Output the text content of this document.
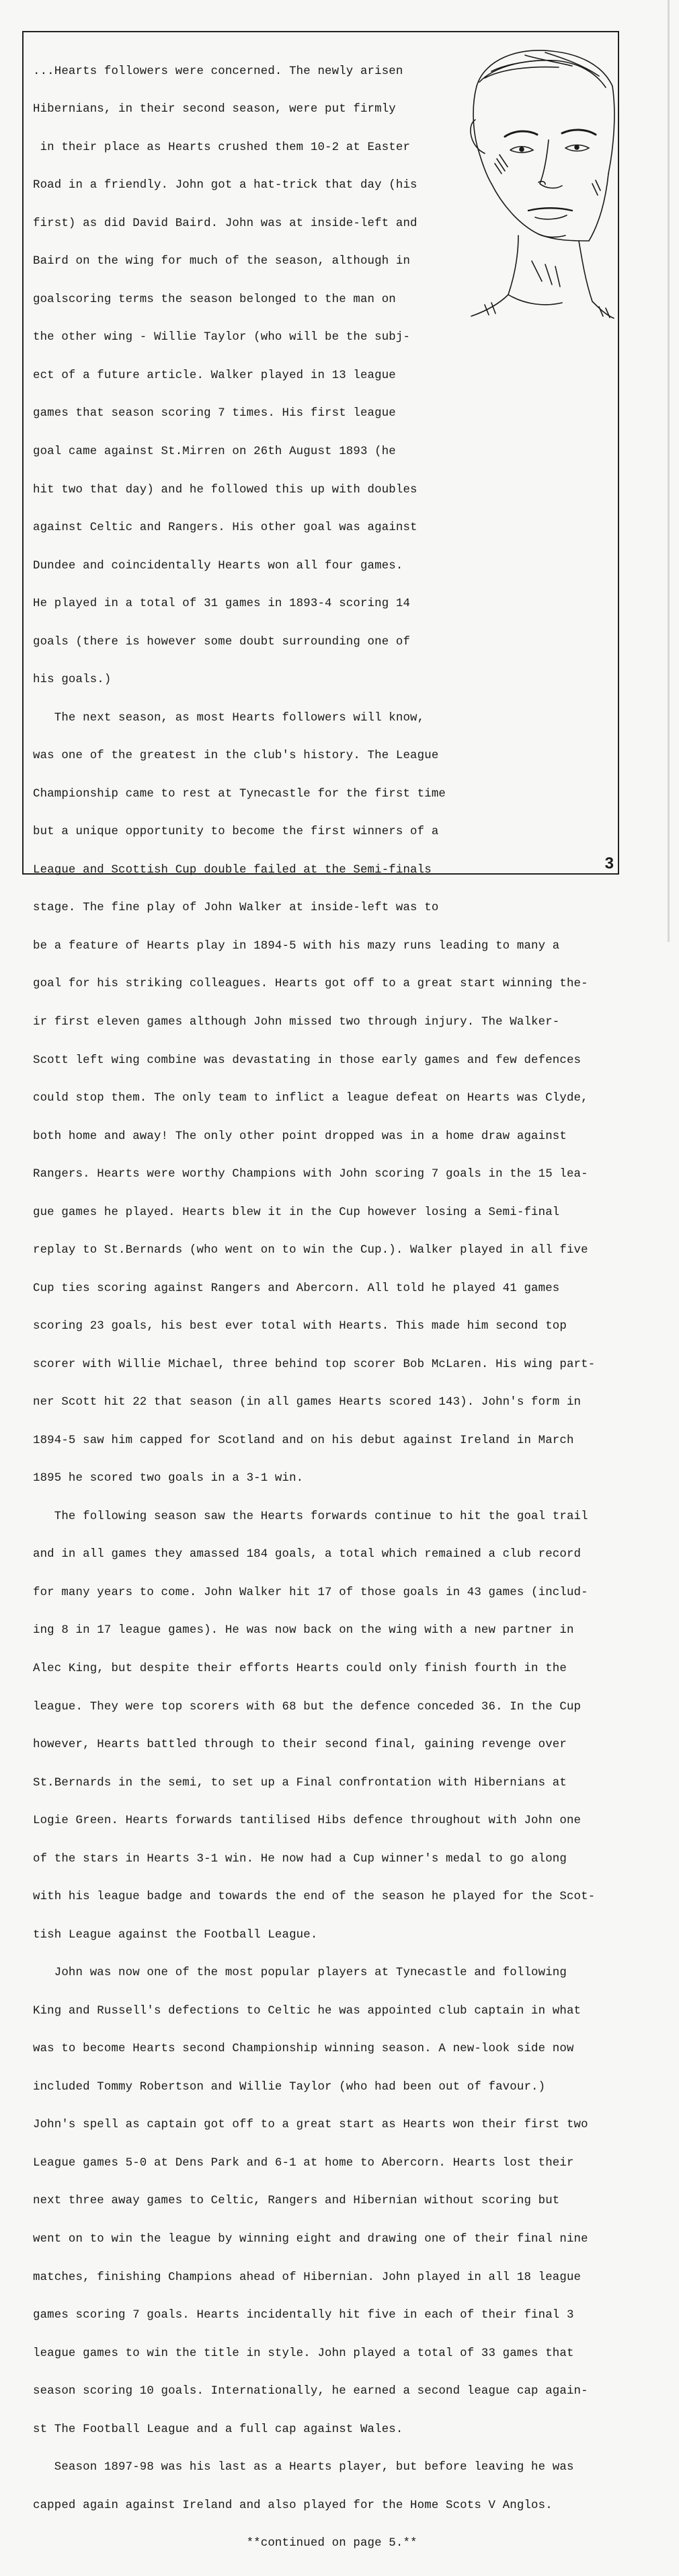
...Hearts followers were concerned. The newly arisen

Hibernians, in their second season, were put firmly

in their place as Hearts crushed them 10-2 at Easter

Road in a friendly. John got a hat-trick that day (his

first) as did David Baird. John was at inside-left and

Baird on the wing for much of the season, although in

goalscoring terms the season belonged to the man on

the other wing - Willie Taylor (who will be the subj-

ect of a future article. Walker played in 13 league

games that season scoring 7 times. His first league

goal came against St.Mirren on 26th August 1893 (he

hit two that day) and he followed this up with doubles

against Celtic and Rangers. His other goal was against

Dundee and coincidentally Hearts won all four games.

He played in a total of 31 games in 1893-4 scoring 14

goals (there is however some doubt surrounding one of

his goals.)

The next season, as most Hearts followers will know,

was one of the greatest in the club's history. The League

Championship came to rest at Tynecastle for the first time

but a unique opportunity to become the first winners of a

League and Scottish Cup double failed at the Semi-finals

stage. The fine play of John Walker at inside-left was to

be a feature of Hearts play in 1894-5 with his mazy runs leading to many a

goal for his striking colleagues. Hearts got off to a great start winning the-

ir first eleven games although John missed two through injury. The Walker-

Scott left wing combine was devastating in those early games and few defences

could stop them. The only team to inflict a league defeat on Hearts was Clyde,

both home and away! The only other point dropped was in a home draw against

Rangers. Hearts were worthy Champions with John scoring 7 goals in the 15 lea-

gue games he played. Hearts blew it in the Cup however losing a Semi-final

replay to St.Bernards (who went on to win the Cup.). Walker played in all five

Cup ties scoring against Rangers and Abercorn. All told he played 41 games

scoring 23 goals, his best ever total with Hearts. This made him second top

scorer with Willie Michael, three behind top scorer Bob McLaren. His wing part-

ner Scott hit 22 that season (in all games Hearts scored 143). John's form in

1894-5 saw him capped for Scotland and on his debut against Ireland in March

1895 he scored two goals in a 3-1 win.

The following season saw the Hearts forwards continue to hit the goal trail

and in all games they amassed 184 goals, a total which remained a club record

for many years to come. John Walker hit 17 of those goals in 43 games (includ-

ing 8 in 17 league games). He was now back on the wing with a new partner in

Alec King, but despite their efforts Hearts could only finish fourth in the

league. They were top scorers with 68 but the defence conceded 36. In the Cup

however, Hearts battled through to their second final, gaining revenge over

St.Bernards in the semi, to set up a Final confrontation with Hibernians at

Logie Green. Hearts forwards tantilised Hibs defence throughout with John one

of the stars in Hearts 3-1 win. He now had a Cup winner's medal to go along

with his league badge and towards the end of the season he played for the Scot-

tish League against the Football League.

John was now one of the most popular players at Tynecastle and following

King and Russell's defections to Celtic he was appointed club captain in what

was to become Hearts second Championship winning season. A new-look side now

included Tommy Robertson and Willie Taylor (who had been out of favour.)

John's spell as captain got off to a great start as Hearts won their first two

League games 5-0 at Dens Park and 6-1 at home to Abercorn. Hearts lost their

next three away games to Celtic, Rangers and Hibernian without scoring but

went on to win the league by winning eight and drawing one of their final nine

matches, finishing Champions ahead of Hibernian. John played in all 18 league

games scoring 7 goals. Hearts incidentally hit five in each of their final 3

league games to win the title in style. John played a total of 33 games that

season scoring 10 goals. Internationally, he earned a second league cap again-

st The Football League and a full cap against Wales.

Season 1897-98 was his last as a Hearts player, but before leaving he was

capped again against Ireland and also played for the Home Scots V Anglos.

**continued on page 5.**

3
